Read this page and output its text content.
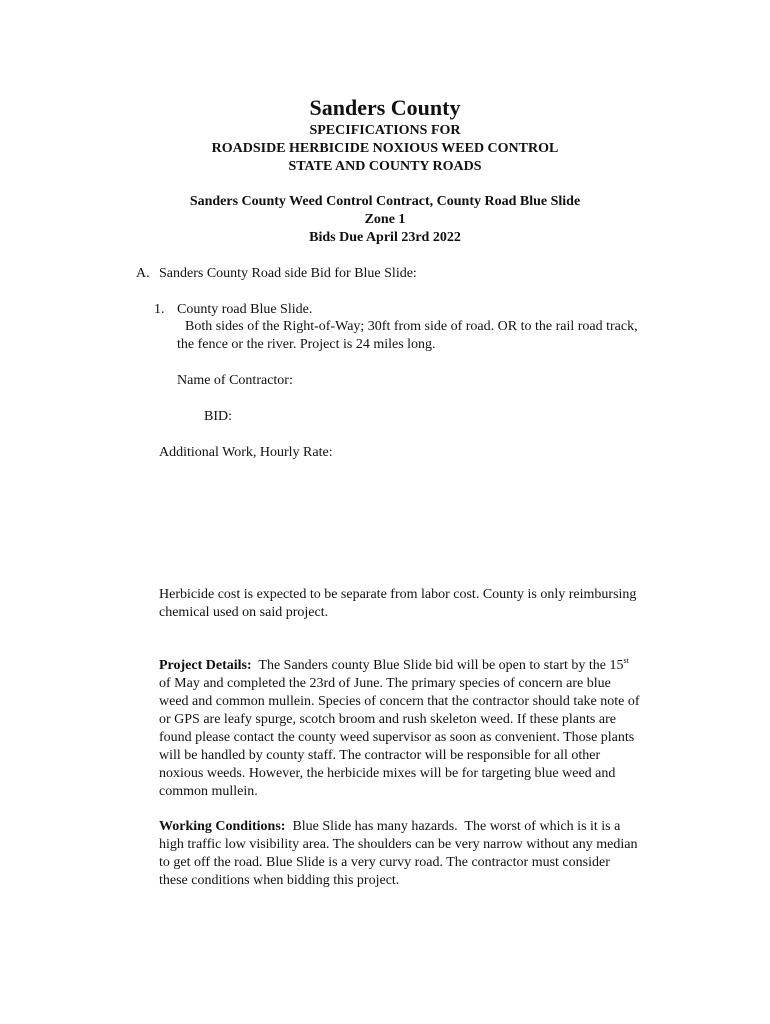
Sanders County
SPECIFICATIONS FOR
ROADSIDE HERBICIDE NOXIOUS WEED CONTROL
STATE AND COUNTY ROADS
Sanders County Weed Control Contract, County Road Blue Slide
Zone 1
Bids Due April 23rd 2022
A. Sanders County Road side Bid for Blue Slide:
1. County road Blue Slide.
Both sides of the Right-of-Way; 30ft from side of road. OR to the rail road track,
the fence or the river. Project is 24 miles long.
Name of Contractor:
BID:
Additional Work, Hourly Rate:
Herbicide cost is expected to be separate from labor cost. County is only reimbursing
chemical used on said project.
Project Details:  The Sanders county Blue Slide bid will be open to start by the 15st
of May and completed the 23rd of June. The primary species of concern are blue
weed and common mullein. Species of concern that the contractor should take note of
or GPS are leafy spurge, scotch broom and rush skeleton weed. If these plants are
found please contact the county weed supervisor as soon as convenient. Those plants
will be handled by county staff. The contractor will be responsible for all other
noxious weeds. However, the herbicide mixes will be for targeting blue weed and
common mullein.
Working Conditions:  Blue Slide has many hazards.  The worst of which is it is a
high traffic low visibility area. The shoulders can be very narrow without any median
to get off the road. Blue Slide is a very curvy road. The contractor must consider
these conditions when bidding this project.
